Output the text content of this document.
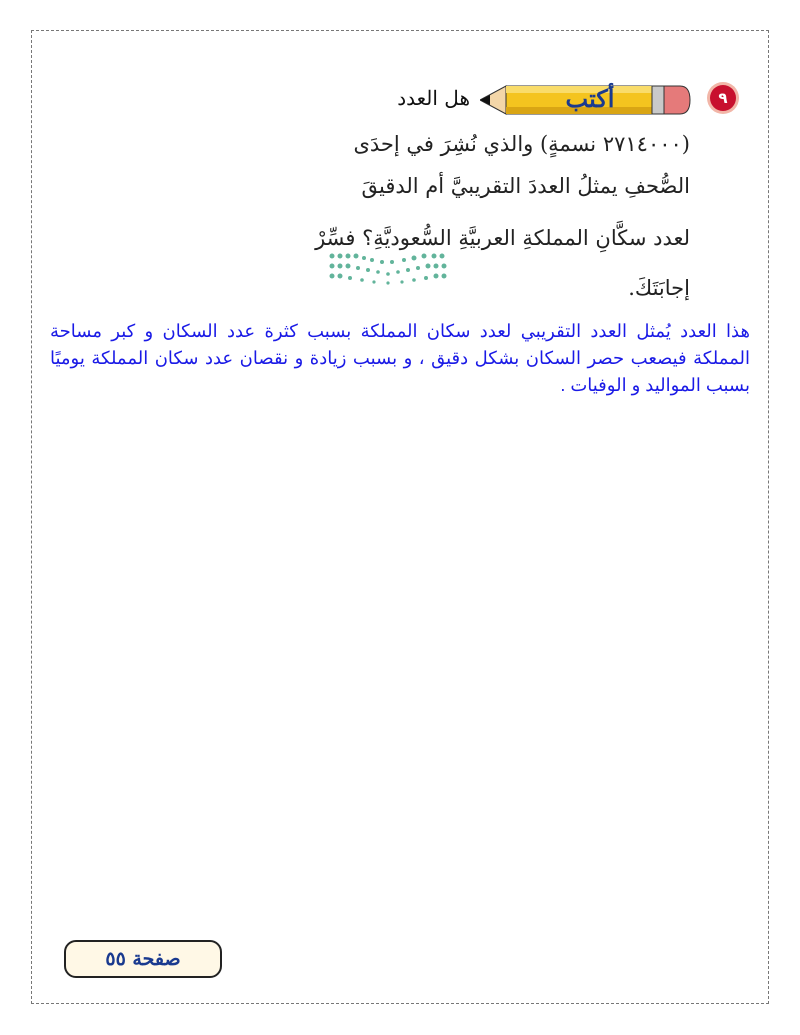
٩
أكتب
هل العدد
(٢٧١٤٠٠٠ نسمةٍ) والذي نُشِرَ في إحدَى
الصُّحفِ يمثلُ العددَ التقريبيَّ أم الدقيقَ
لعدد سكَّانِ المملكةِ العربيَّةِ السُّعوديَّةِ؟ فسِّرْ
إجابَتَكَ.
هذا العدد يُمثل العدد التقريبي لعدد سكان المملكة بسبب كثرة عدد السكان و كبر مساحة المملكة فيصعب حصر السكان بشكل دقيق ، و بسبب زيادة و نقصان عدد سكان المملكة يوميًا بسبب المواليد و الوفيات .
صفحة ٥٥
